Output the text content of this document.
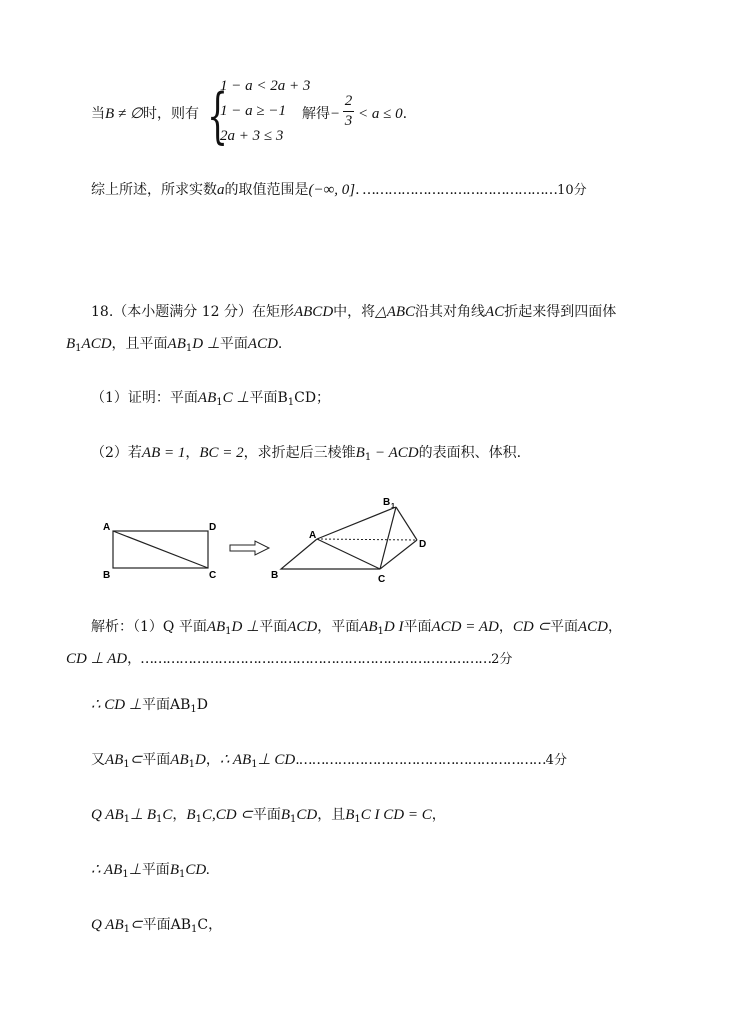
当B ≠ ∅时，则有 {
1 − a < 2a + 3
1 − a ≥ −1
2a + 3 ≤ 3
解得−
2
3 < a ≤ 0.
综上所述，所求实数a的取值范围是(−∞, 0]. ………………………………………10分
18.（本小题满分 12 分）在矩形ABCD中，将△ABC沿其对角线AC折起来得到四面体
$B_1ACD$，且平面$AB_1D$ ⊥平面ACD.
（1）证明：平面$AB_1C$ ⊥平面$B_1CD$；
（2）若AB = 1，BC = 2，求折起后三棱锥$B_1$ − ACD的表面积、体积.
A	D
B	C
A
B	C
D
B 1
解析：（1）Q 平面$AB_1D$ ⊥平面ACD，平面$AB_1D$ I平面ACD = AD，CD ⊂平面ACD，
CD ⊥ AD，………………………………………………………………………2分
∴ CD ⊥平面$AB_1D$
又$AB_1\subset$平面$AB_1D$，∴ $AB_1\perp$ CD.…………………………………………………4分
Q $AB_1\perp$ $B_1C$，$B_1C,CD$ ⊂平面$B_1CD$，且$B_1C$ I CD = C，
∴ $AB_1\perp$平面$B_1CD$.
Q $AB_1\subset$平面$AB_1C$，
